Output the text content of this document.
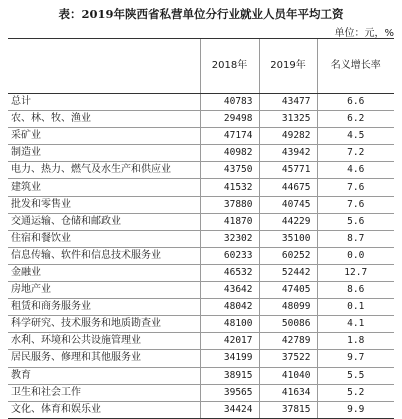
表：2019年陕西省私营单位分行业就业人员年平均工资
单位：元，%
	2018年	2019年	名义增长率
总计	40783	43477	6.6
农、林、牧、渔业	29498	31325	6.2
采矿业	47174	49282	4.5
制造业	40982	43942	7.2
电力、热力、燃气及水生产和供应业	43750	45771	4.6
建筑业	41532	44675	7.6
批发和零售业	37880	40745	7.6
交通运输、仓储和邮政业	41870	44229	5.6
住宿和餐饮业	32302	35100	8.7
信息传输、软件和信息技术服务业	60233	60252	0.0
金融业	46532	52442	12.7
房地产业	43642	47405	8.6
租赁和商务服务业	48042	48099	0.1
科学研究、技术服务和地质勘查业	48100	50086	4.1
水利、环境和公共设施管理业	42017	42789	1.8
居民服务、修理和其他服务业	34199	37522	9.7
教育	38915	41040	5.5
卫生和社会工作	39565	41634	5.2
文化、体育和娱乐业	34424	37815	9.9
